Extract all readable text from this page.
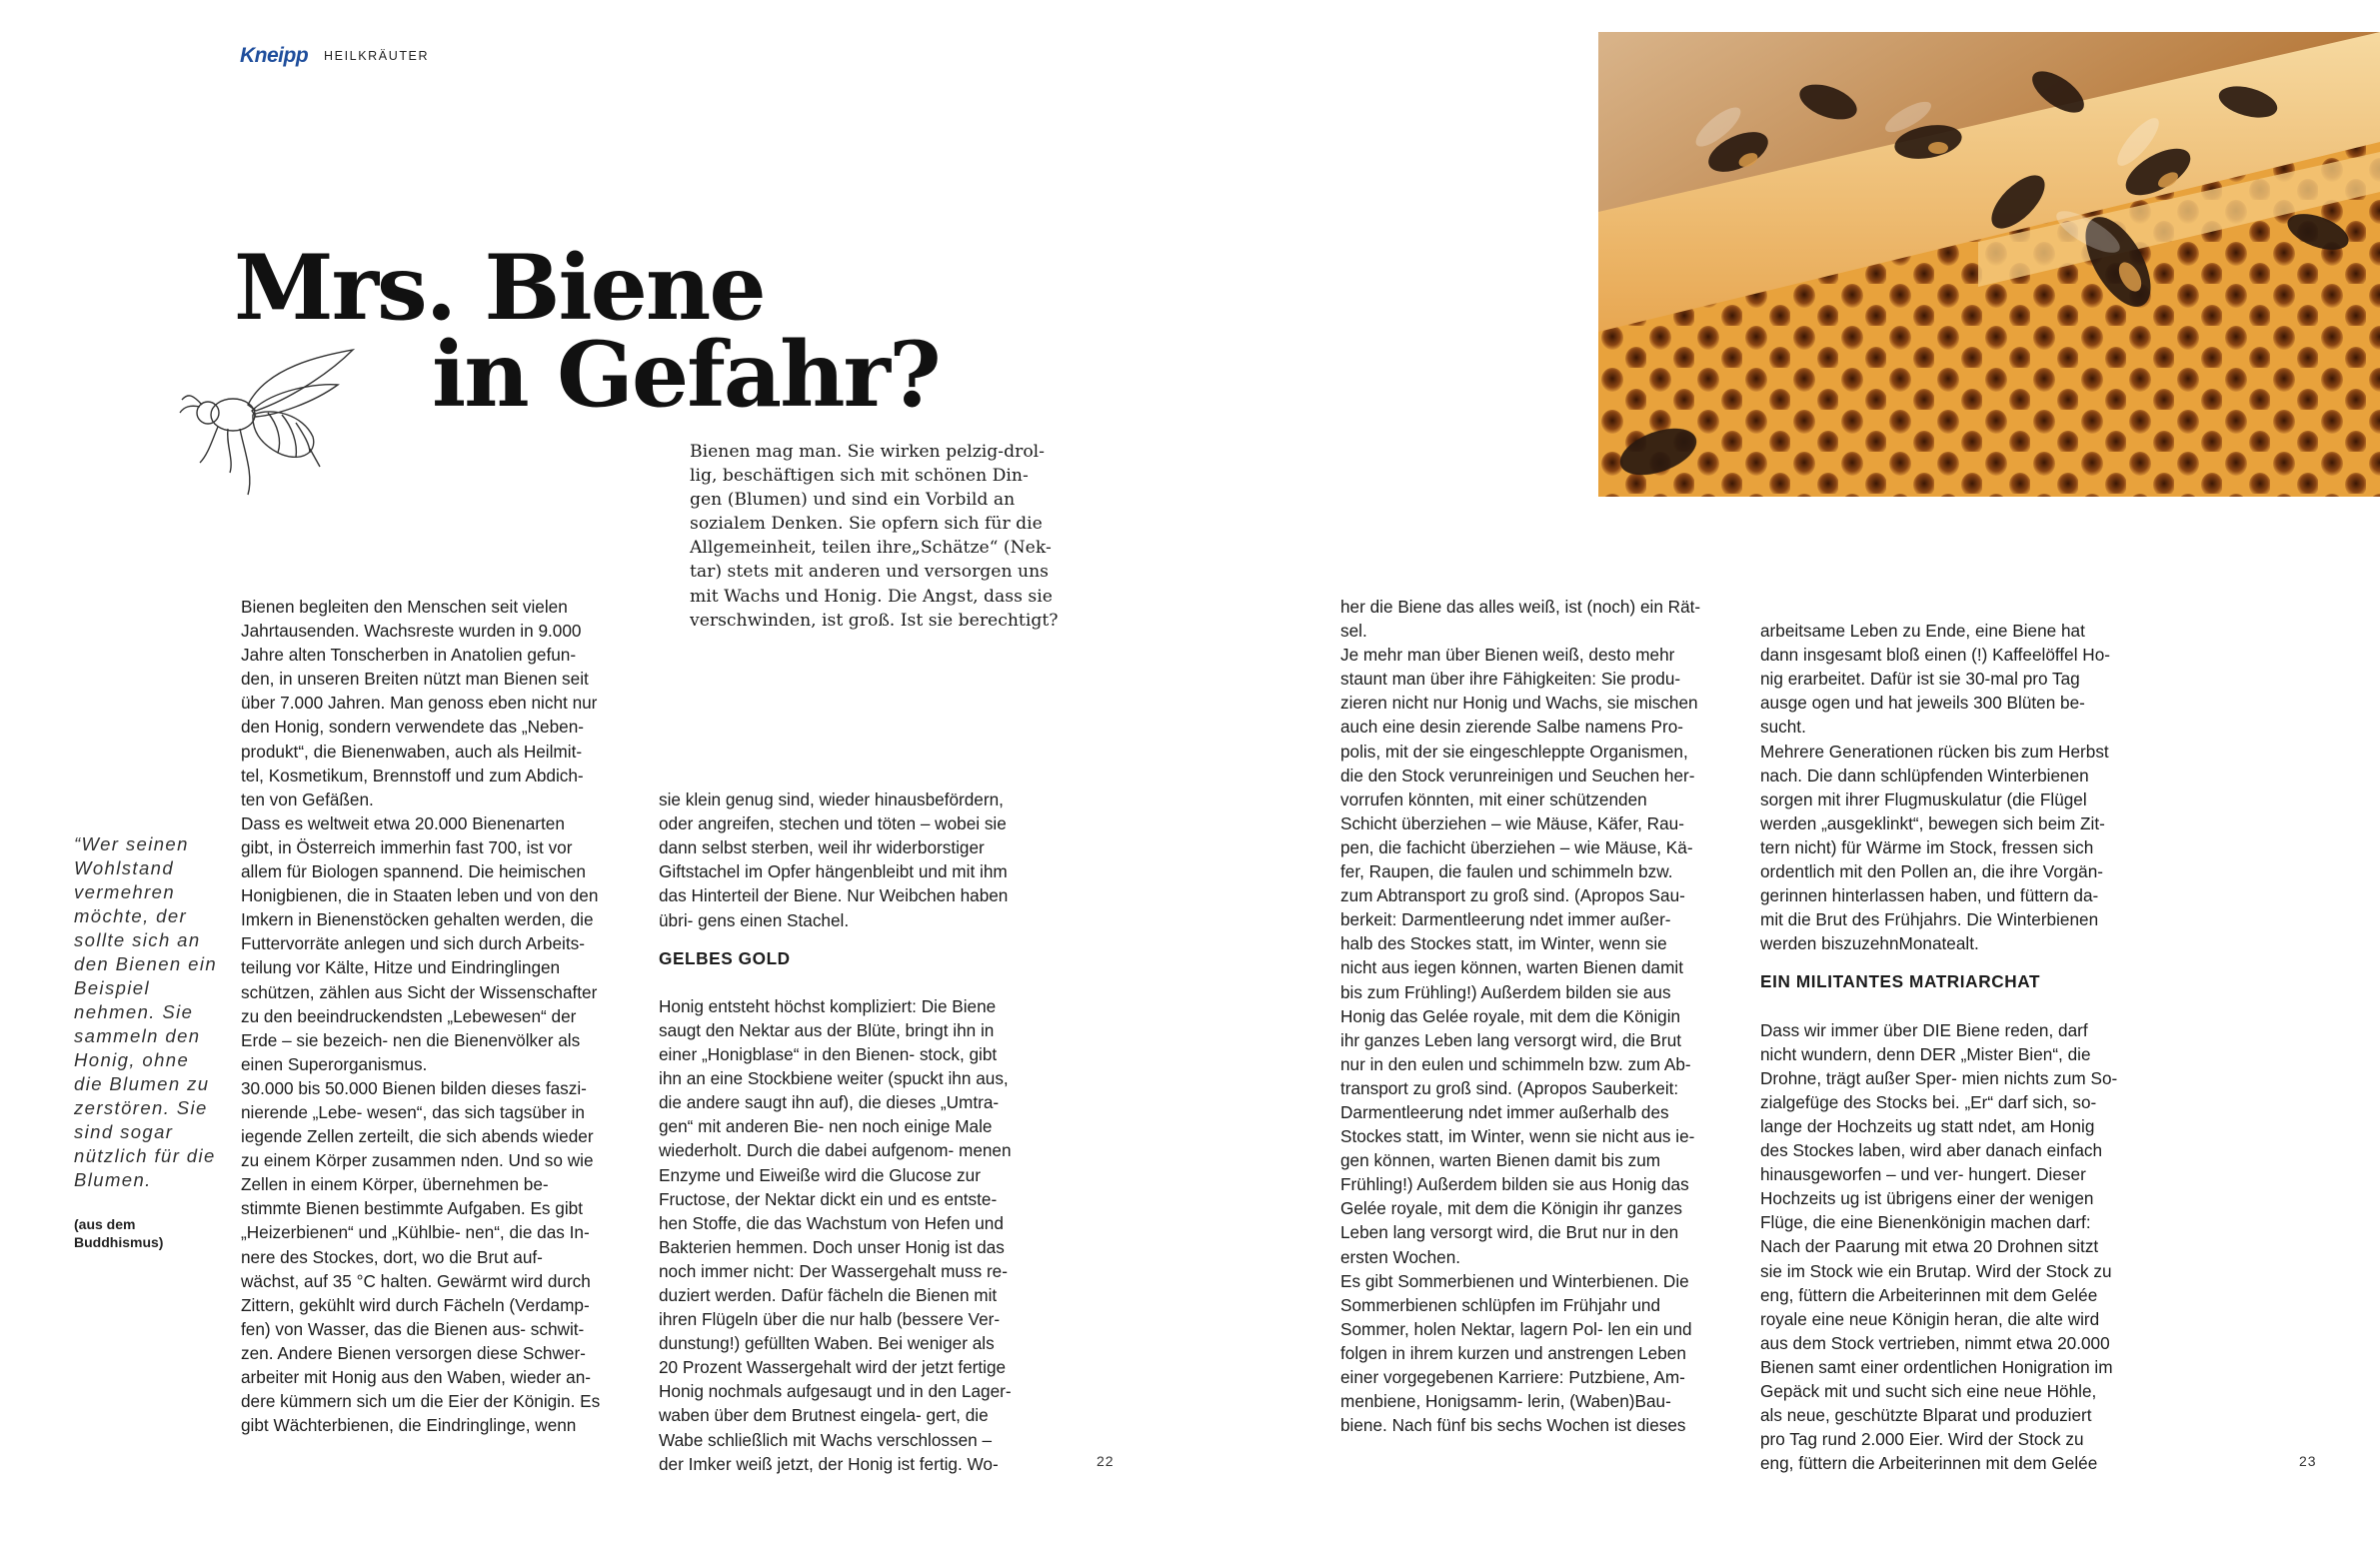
Kneipp HEILKRÄUTER
Mrs. Biene
in Gefahr?
Bienen mag man. Sie wirken pelzig-drol-
lig, beschäftigen sich mit schönen Din-
gen (Blumen) und sind ein Vorbild an
sozialem Denken. Sie opfern sich für die
Allgemeinheit, teilen ihre„Schätze“ (Nek-
tar) stets mit anderen und versorgen uns
mit Wachs und Honig. Die Angst, dass sie
verschwinden, ist groß. Ist sie berechtigt?
“Wer seinen Wohlstand vermehren möchte, der sollte sich an den Bienen ein Beispiel nehmen. Sie sammeln den Honig, ohne die Blumen zu zerstören. Sie sind sogar nützlich für die Blumen.
(aus dem Buddhismus)
Bienen begleiten den Menschen seit vielen
Jahrtausenden. Wachsreste wurden in 9.000
Jahre alten Tonscherben in Anatolien gefun-
den, in unseren Breiten nützt man Bienen seit
über 7.000 Jahren. Man genoss eben nicht nur
den Honig, sondern verwendete das „Neben-
produkt“, die Bienenwaben, auch als Heilmit-
tel, Kosmetikum, Brennstoff und zum Abdich-
ten von Gefäßen.
Dass es weltweit etwa 20.000 Bienenarten
gibt, in Österreich immerhin fast 700, ist vor
allem für Biologen spannend. Die heimischen
Honigbienen, die in Staaten leben und von den
Imkern in Bienenstöcken gehalten werden, die
Futtervorräte anlegen und sich durch Arbeits-
teilung vor Kälte, Hitze und Eindringlingen
schützen, zählen aus Sicht der Wissenschafter
zu den beeindruckendsten „Lebewesen“ der
Erde – sie bezeich- nen die Bienenvölker als
einen Superorganismus.
30.000 bis 50.000 Bienen bilden dieses faszi-
nierende „Lebe- wesen“, das sich tagsüber in
iegende Zellen zerteilt, die sich abends wieder
zu einem Körper zusammen nden. Und so wie
Zellen in einem Körper, übernehmen be-
stimmte Bienen bestimmte Aufgaben. Es gibt
„Heizerbienen“ und „Kühlbie- nen“, die das In-
nere des Stockes, dort, wo die Brut auf-
wächst, auf 35 °C halten. Gewärmt wird durch
Zittern, gekühlt wird durch Fächeln (Verdamp-
fen) von Wasser, das die Bienen aus- schwit-
zen. Andere Bienen versorgen diese Schwer-
arbeiter mit Honig aus den Waben, wieder an-
dere kümmern sich um die Eier der Königin. Es
gibt Wächterbienen, die Eindringlinge, wenn

sie klein genug sind, wieder hinausbefördern,
oder angreifen, stechen und töten – wobei sie
dann selbst sterben, weil ihr widerborstiger
Giftstachel im Opfer hängenbleibt und mit ihm
das Hinterteil der Biene. Nur Weibchen haben
übri- gens einen Stachel.

GELBES GOLD

Honig entsteht höchst kompliziert: Die Biene
saugt den Nektar aus der Blüte, bringt ihn in
einer „Honigblase“ in den Bienen- stock, gibt
ihn an eine Stockbiene weiter (spuckt ihn aus,
die andere saugt ihn auf), die dieses „Umtra-
gen“ mit anderen Bie- nen noch einige Male
wiederholt. Durch die dabei aufgenom- menen
Enzyme und Eiweiße wird die Glucose zur
Fructose, der Nektar dickt ein und es entste-
hen Stoffe, die das Wachstum von Hefen und
Bakterien hemmen. Doch unser Honig ist das
noch immer nicht: Der Wassergehalt muss re-
duziert werden. Dafür fächeln die Bienen mit
ihren Flügeln über die nur halb (bessere Ver-
dunstung!) gefüllten Waben. Bei weniger als
20 Prozent Wassergehalt wird der jetzt fertige
Honig nochmals aufgesaugt und in den Lager-
waben über dem Brutnest eingela- gert, die
Wabe schließlich mit Wachs verschlossen –
der Imker weiß jetzt, der Honig ist fertig. Wo-

her die Biene das alles weiß, ist (noch) ein Rät-
sel.
Je mehr man über Bienen weiß, desto mehr
staunt man über ihre Fähigkeiten: Sie produ-
zieren nicht nur Honig und Wachs, sie mischen
auch eine desin zierende Salbe namens Pro-
polis, mit der sie eingeschleppte Organismen,
die den Stock verunreinigen und Seuchen her-
vorrufen könnten, mit einer schützenden
Schicht überziehen – wie Mäuse, Käfer, Rau-
pen, die fachicht überziehen – wie Mäuse, Kä-
fer, Raupen, die faulen und schimmeln bzw.
zum Abtransport zu groß sind. (Apropos Sau-
berkeit: Darmentleerung ndet immer außer-
halb des Stockes statt, im Winter, wenn sie
nicht aus iegen können, warten Bienen damit
bis zum Frühling!) Außerdem bilden sie aus
Honig das Gelée royale, mit dem die Königin
ihr ganzes Leben lang versorgt wird, die Brut
nur in den eulen und schimmeln bzw. zum Ab-
transport zu groß sind. (Apropos Sauberkeit:
Darmentleerung ndet immer außerhalb des
Stockes statt, im Winter, wenn sie nicht aus ie-
gen können, warten Bienen damit bis zum
Frühling!) Außerdem bilden sie aus Honig das
Gelée royale, mit dem die Königin ihr ganzes
Leben lang versorgt wird, die Brut nur in den
ersten Wochen.
Es gibt Sommerbienen und Winterbienen. Die
Sommerbienen schlüpfen im Frühjahr und
Sommer, holen Nektar, lagern Pol- len ein und
folgen in ihrem kurzen und anstrengen Leben
einer vorgegebenen Karriere: Putzbiene, Am-
menbiene, Honigsamm- lerin, (Waben)Bau-
biene. Nach fünf bis sechs Wochen ist dieses

arbeitsame Leben zu Ende, eine Biene hat
dann insgesamt bloß einen (!) Kaffeelöffel Ho-
nig erarbeitet. Dafür ist sie 30-mal pro Tag
ausge ogen und hat jeweils 300 Blüten be-
sucht.
Mehrere Generationen rücken bis zum Herbst
nach. Die dann schlüpfenden Winterbienen
sorgen mit ihrer Flugmuskulatur (die Flügel
werden „ausgeklinkt“, bewegen sich beim Zit-
tern nicht) für Wärme im Stock, fressen sich
ordentlich mit den Pollen an, die ihre Vorgän-
gerinnen hinterlassen haben, und füttern da-
mit die Brut des Frühjahrs. Die Winterbienen
werden biszuzehnMonatealt.

EIN MILITANTES MATRIARCHAT

Dass wir immer über DIE Biene reden, darf
nicht wundern, denn DER „Mister Bien“, die
Drohne, trägt außer Sper- mien nichts zum So-
zialgefüge des Stocks bei. „Er“ darf sich, so-
lange der Hochzeits ug statt ndet, am Honig
des Stockes laben, wird aber danach einfach
hinausgeworfen – und ver- hungert. Dieser
Hochzeits ug ist übrigens einer der wenigen
Flüge, die eine Bienenkönigin machen darf:
Nach der Paarung mit etwa 20 Drohnen sitzt
sie im Stock wie ein Brutap. Wird der Stock zu
eng, füttern die Arbeiterinnen mit dem Gelée
royale eine neue Königin heran, die alte wird
aus dem Stock vertrieben, nimmt etwa 20.000
Bienen samt einer ordentlichen Honigration im
Gepäck mit und sucht sich eine neue Höhle,
als neue, geschützte Blparat und produziert
pro Tag rund 2.000 Eier. Wird der Stock zu
eng, füttern die Arbeiterinnen mit dem Gelée

22	23
